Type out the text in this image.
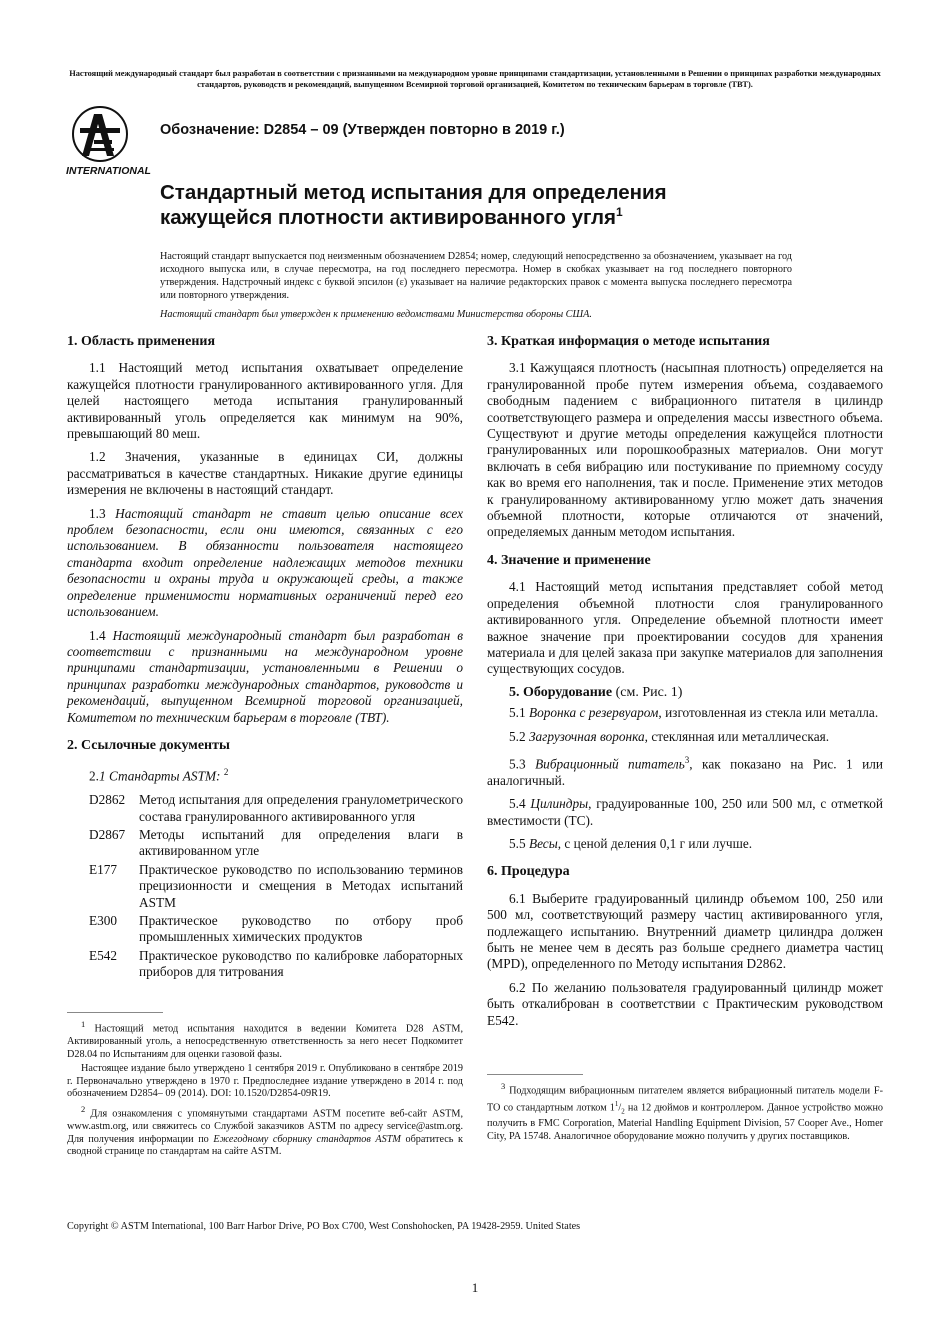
Настоящий международный стандарт был разработан в соответствии с признанными на международном уровне принципами стандартизации, установленными в Решении о принципах разработки международных стандартов, руководств и рекомендаций, выпущенном Всемирной торговой организацией, Комитетом по техническим барьерам в торговле (ТВТ).
INTERNATIONAL
Обозначение: D2854 – 09 (Утвержден повторно в 2019 г.)
Стандартный метод испытания для определения кажущейся плотности активированного угля$^1$

Настоящий стандарт выпускается под неизменным обозначением D2854; номер, следующий непосредственно за обозначением, указывает на год исходного выпуска или, в случае пересмотра, на год последнего пересмотра. Номер в скобках указывает на год последнего повторного утверждения. Надстрочный индекс с буквой эпсилон (ε) указывает на наличие редакторских правок с момента выпуска последнего пересмотра или повторного утверждения.

Настоящий стандарт был утвержден к применению ведомствами Министерства обороны США.

1. Область применения

1.1 Настоящий метод испытания охватывает определение кажущейся плотности гранулированного активированного угля. Для целей настоящего метода испытания гранулированный активированный уголь определяется как минимум на 90%, превышающий 80 меш.

1.2 Значения, указанные в единицах СИ, должны рассматриваться в качестве стандартных. Никакие другие единицы измерения не включены в настоящий стандарт.

1.3 Настоящий стандарт не ставит целью описание всех проблем безопасности, если они имеются, связанных с его использованием. В обязанности пользователя настоящего стандарта входит определение надлежащих методов техники безопасности и охраны труда и окружающей среды, а также определение применимости нормативных ограничений перед его использованием.

1.4 Настоящий международный стандарт был разработан в соответствии с признанными на международном уровне принципами стандартизации, установленными в Решении о принципах разработки международных стандартов, руководств и рекомендаций, выпущенном Всемирной торговой организацией, Комитетом по техническим барьерам в торговле (ТВТ).

2. Ссылочные документы

2.1 Стандарты ASTM: $^2$

D2862	Метод испытания для определения гранулометрического состава гранулированного активированного угля
D2867	Методы испытаний для определения влаги в активированном угле
E177	Практическое руководство по использованию терминов прецизионности и смещения в Методах испытаний ASTM
E300	Практическое руководство по отбору проб промышленных химических продуктов
E542	Практическое руководство по калибровке лабораторных приборов для титрования

$^1$ Настоящий метод испытания находится в ведении Комитета D28 ASTM, Активированный уголь, а непосредственную ответственность за него несет Подкомитет D28.04 по Испытаниям для оценки газовой фазы.

Настоящее издание было утверждено 1 сентября 2019 г. Опубликовано в сентябре 2019 г. Первоначально утверждено в 1970 г. Предпоследнее издание утверждено в 2014 г. под обозначением D2854– 09 (2014). DOI: 10.1520/D2854-09R19.

$^2$ Для ознакомления с упомянутыми стандартами ASTM посетите веб-сайт ASTM, www.astm.org, или свяжитесь со Службой заказчиков ASTM по адресу service@astm.org. Для получения информации по Ежегодному сборнику стандартов ASTM обратитесь к сводной странице по стандартам на сайте ASTM.

3. Краткая информация о методе испытания

3.1 Кажущаяся плотность (насыпная плотность) определяется на гранулированной пробе путем измерения объема, создаваемого свободным падением с вибрационного питателя в цилиндр соответствующего размера и определения массы известного объема. Существуют и другие методы определения кажущейся плотности гранулированных или порошкообразных материалов. Они могут включать в себя вибрацию или постукивание по приемному сосуду как во время его наполнения, так и после. Применение этих методов к гранулированному активированному углю может дать значения объемной плотности, которые отличаются от значений, определяемых данным методом испытания.

4. Значение и применение

4.1 Настоящий метод испытания представляет собой метод определения объемной плотности слоя гранулированного активированного угля. Определение объемной плотности имеет важное значение при проектировании сосудов для хранения материала и для целей заказа при закупке материалов для заполнения существующих сосудов.

5. Оборудование (см. Рис. 1)

5.1 Воронка с резервуаром, изготовленная из стекла или металла.

5.2 Загрузочная воронка, стеклянная или металлическая.

5.3 Вибрационный питатель$^3$, как показано на Рис. 1 или аналогичный.

5.4 Цилиндры, градуированные 100, 250 или 500 мл, с отметкой вместимости (ТС).

5.5 Весы, с ценой деления 0,1 г или лучше.

6. Процедура

6.1 Выберите градуированный цилиндр объемом 100, 250 или 500 мл, соответствующий размеру частиц активированного угля, подлежащего испытанию. Внутренний диаметр цилиндра должен быть не менее чем в десять раз больше среднего диаметра частиц (MPD), определенного по Методу испытания D2862.

6.2 По желанию пользователя градуированный цилиндр может быть откалиброван в соответствии с Практическим руководством E542.

$^3$ Подходящим вибрационным питателем является вибрационный питатель модели F-TO со стандартным лотком $1^1/_2$ на 12 дюймов и контроллером. Данное устройство можно получить в FMC Corporation, Material Handling Equipment Division, 57 Cooper Ave., Homer City, PA 15748. Аналогичное оборудование можно получить у других поставщиков.

Copyright © ASTM International, 100 Barr Harbor Drive, PO Box C700, West Conshohocken, PA 19428-2959. United States
1
